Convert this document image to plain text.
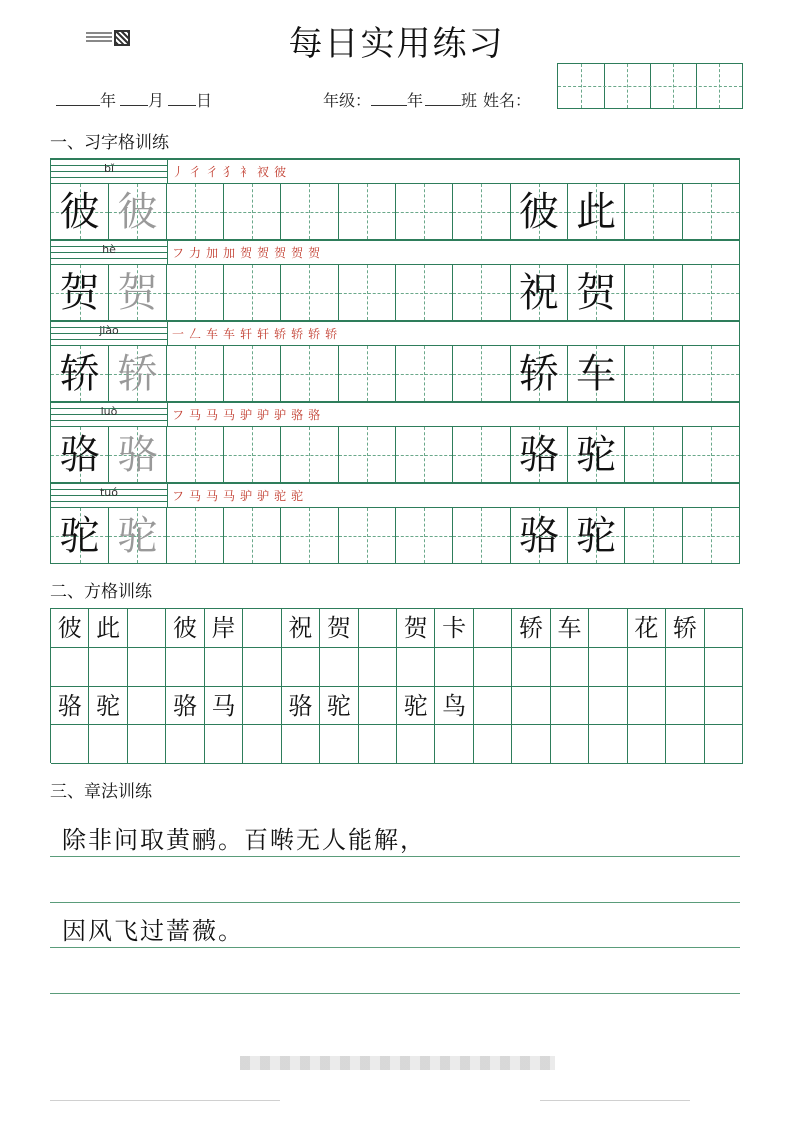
每日实用练习
年 月 日	年级： 年 班 姓名：
一、习字格训练
bǐ	丿彳彳犭衤衩彼
彼 彼	彼 此
hè	フ力加加贺贺贺贺贺
贺 贺	祝 贺
jiào	一𠃋车车轩轩轿轿轿轿
轿 轿	轿 车
luò	フ马马马驴驴驴骆骆
骆 骆	骆 驼
tuó	フ马马马驴驴驼驼
驼 驼	骆 驼
二、方格训练
彼 此	彼 岸	祝 贺	贺 卡	轿 车	花 轿
骆 驼	骆 马	骆 驼	驼 鸟
三、章法训练
除非问取黄鹂。百啭无人能解，
因风飞过蔷薇。
